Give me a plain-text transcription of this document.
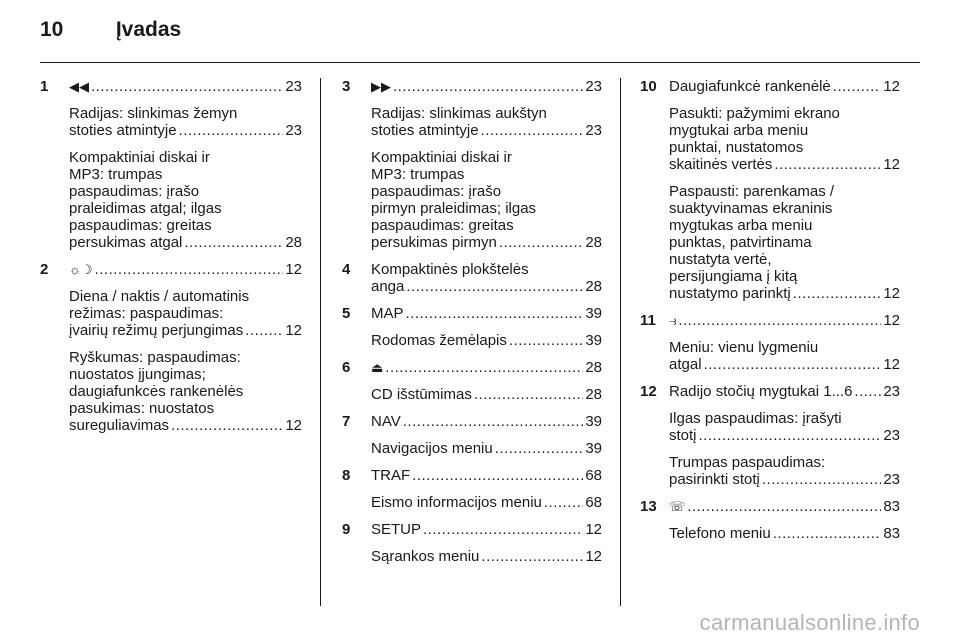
10 Įvadas
1 ◀◀ .....	23
Radijas: slinkimas žemyn
stoties atmintyje .....	23
Kompaktiniai diskai ir
MP3: trumpas
paspaudimas: įrašo
praleidimas atgal; ilgas
paspaudimas: greitas
persukimas atgal .....	28
2 ☼☽ .....	12
Diena / naktis / automatinis
režimas: paspaudimas:
įvairių režimų perjungimas .....	12
Ryškumas: paspaudimas:
nuostatos įjungimas;
daugiafunkcės rankenėlės
pasukimas: nuostatos
sureguliavimas .....	12
3 ▶▶ .....	23
Radijas: slinkimas aukštyn
stoties atmintyje .....	23
Kompaktiniai diskai ir
MP3: trumpas
paspaudimas: įrašo
pirmyn praleidimas; ilgas
paspaudimas: greitas
persukimas pirmyn .....	28
4 Kompaktinės plokštelės
anga .....	28
5 MAP .....	39
Rodomas žemėlapis .....	39
6 ⏏ .....	28
CD išstūmimas .....	28
7 NAV .....	39
Navigacijos meniu .....	39
8 TRAF .....	68
Eismo informacijos meniu .....	68
9 SETUP .....	12
Sąrankos meniu .....	12
10 Daugiafunkcė rankenėlė .....	12
Pasukti: pažymimi ekrano
mygtukai arba meniu
punktai, nustatomos
skaitinės vertės .....	12
Paspausti: parenkamas /
suaktyvinamas ekraninis
mygtukas arba meniu
punktas, patvirtinama
nustatyta vertė,
persijungiama į kitą
nustatymo parinktį .....	12
11 ⥽ .....	12
Meniu: vienu lygmeniu
atgal .....	12
12 Radijo stočių mygtukai 1...6 ..... 23
Ilgas paspaudimas: įrašyti
stotį .....	23
Trumpas paspaudimas:
pasirinkti stotį .....	23
13 ☏ .....	83
Telefono meniu .....	83
carmanualsonline.info
